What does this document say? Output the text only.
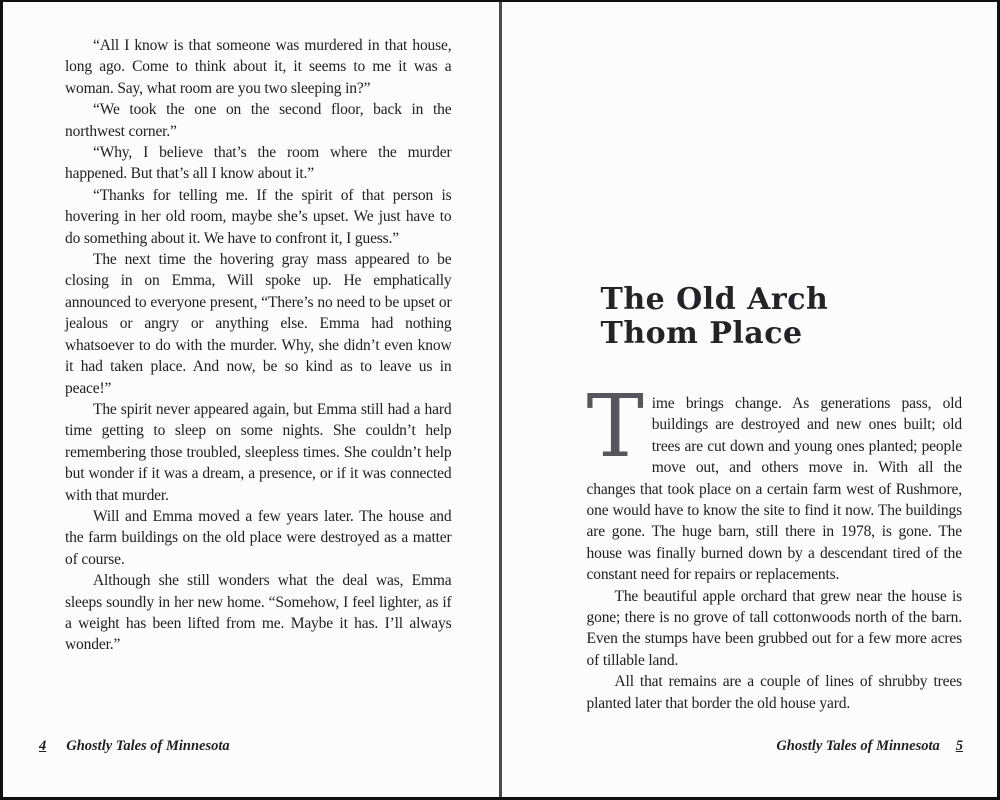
“All I know is that someone was murdered in that house, long ago. Come to think about it, it seems to me it was a woman. Say, what room are you two sleeping in?”

“We took the one on the second floor, back in the northwest corner.”

“Why, I believe that’s the room where the murder happened. But that’s all I know about it.”

“Thanks for telling me. If the spirit of that person is hovering in her old room, maybe she’s upset. We just have to do something about it. We have to confront it, I guess.”

The next time the hovering gray mass appeared to be closing in on Emma, Will spoke up. He emphatically announced to everyone present, “There’s no need to be upset or jealous or angry or anything else. Emma had nothing whatsoever to do with the murder. Why, she didn’t even know it had taken place. And now, be so kind as to leave us in peace!”

The spirit never appeared again, but Emma still had a hard time getting to sleep on some nights. She couldn’t help remembering those troubled, sleepless times. She couldn’t help but wonder if it was a dream, a presence, or if it was connected with that murder.

Will and Emma moved a few years later. The house and the farm buildings on the old place were destroyed as a matter of course.

Although she still wonders what the deal was, Emma sleeps soundly in her new home. “Somehow, I feel lighter, as if a weight has been lifted from me. Maybe it has. I’ll always wonder.”

4 Ghostly Tales of Minnesota
The Old Arch
Thom Place

Time brings change. As generations pass, old buildings are destroyed and new ones built; old trees are cut down and young ones planted; people move out, and others move in. With all the changes that took place on a certain farm west of Rushmore, one would have to know the site to find it now. The buildings are gone. The huge barn, still there in 1978, is gone. The house was finally burned down by a descendant tired of the constant need for repairs or replacements.

The beautiful apple orchard that grew near the house is gone; there is no grove of tall cottonwoods north of the barn. Even the stumps have been grubbed out for a few more acres of tillable land.

All that remains are a couple of lines of shrubby trees planted later that border the old house yard.

Ghostly Tales of Minnesota 5
